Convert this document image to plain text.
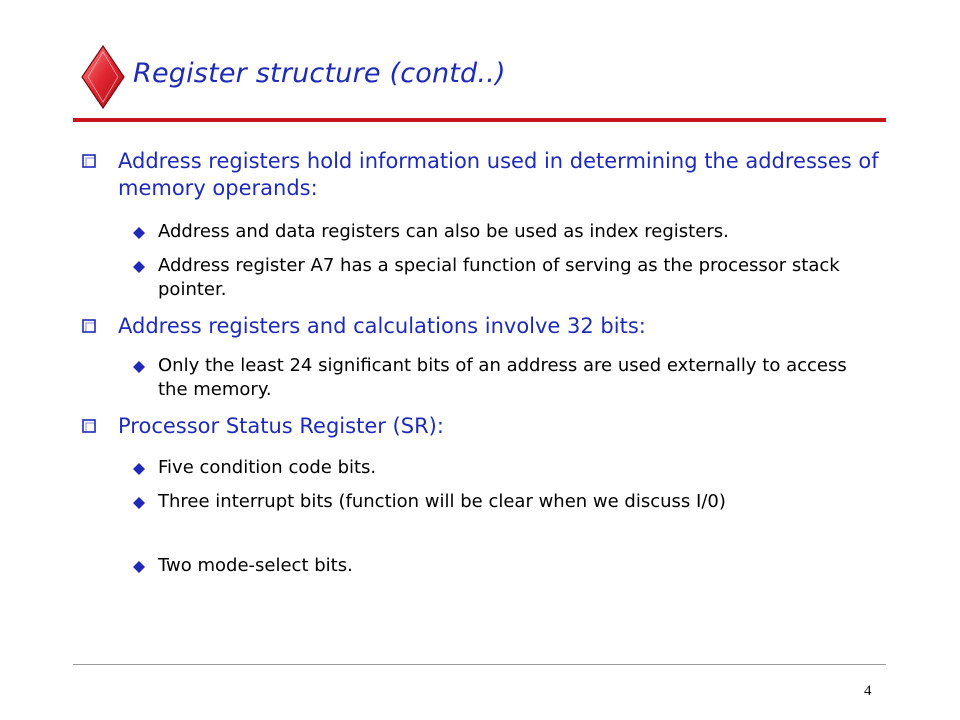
Register structure (contd..)
Address registers hold information used in determining the addresses of memory operands:
Address and data registers can also be used as index registers.
Address register A7 has a special function of serving as the processor stack pointer.
Address registers and calculations involve 32 bits:
Only the least 24 significant bits of an address are used externally to access the memory.
Processor Status Register (SR):
Five condition code bits.
Three interrupt bits (function will be clear when we discuss I/0)
Two mode-select bits.
4
